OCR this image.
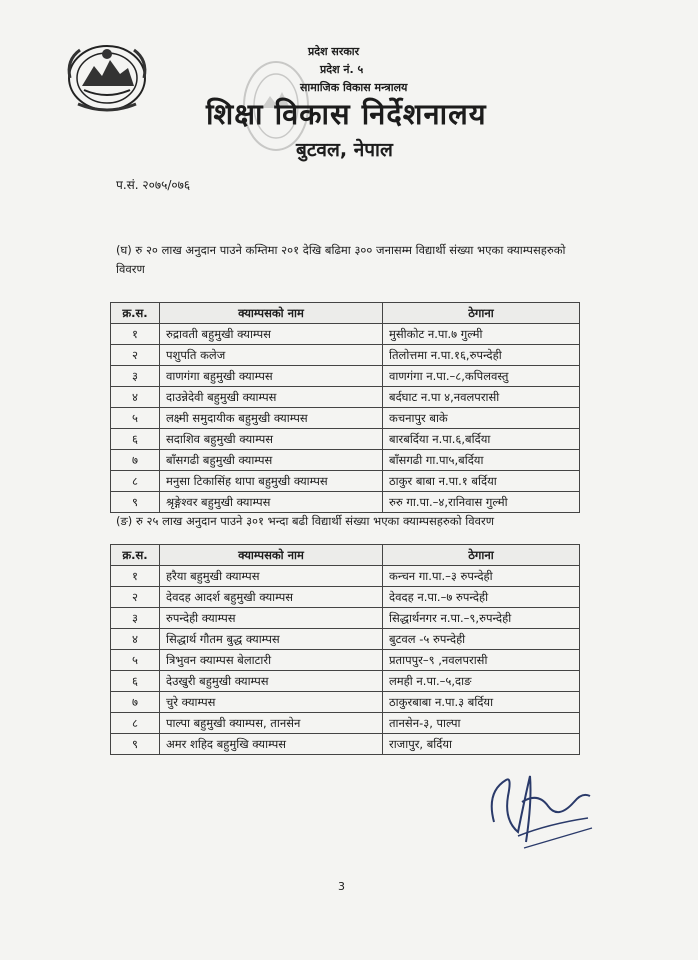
प्रदेश सरकार
प्रदेश नं. ५
सामाजिक विकास मन्त्रालय
शिक्षा विकास निर्देशनालय
बुटवल, नेपाल
प.सं. २०७५/०७६
(घ) रु २० लाख अनुदान पाउने कम्तिमा २०१ देखि बढिमा ३०० जनासम्म विद्यार्थी संख्या भएका क्याम्पसहरुको विवरण
क्र.स.	क्याम्पसको नाम	ठेगाना
१	रुद्रावती बहुमुखी क्याम्पस	मुसीकोट न.पा.७ गुल्मी
२	पशुपति कलेज	तिलोत्तमा न.पा.१६,रुपन्देही
३	वाणगंगा बहुमुखी क्याम्पस	वाणगंगा न.पा.–८,कपिलवस्तु
४	दाउन्नेदेवी बहुमुखी क्याम्पस	बर्दघाट न.पा ४,नवलपरासी
५	लक्ष्मी समुदायीक बहुमुखी क्याम्पस	कचनापुर बाके
६	सदाशिव बहुमुखी क्याम्पस	बारबर्दिया न.पा.६,बर्दिया
७	बाँसगढी बहुमुखी क्याम्पस	बाँसगढी गा.पा५,बर्दिया
८	मनुसा टिकासिंह थापा बहुमुखी क्याम्पस	ठाकुर बाबा न.पा.१ बर्दिया
९	श्रृङ्गेश्वर बहुमुखी क्याम्पस	रुरु गा.पा.–४,रानिवास गुल्मी
(ङ) रु २५ लाख अनुदान पाउने ३०१ भन्दा बढी विद्यार्थी संख्या भएका क्याम्पसहरुको विवरण
क्र.स.	क्याम्पसको नाम	ठेगाना
१	हरैया बहुमुखी क्याम्पस	कन्चन गा.पा.–३ रुपन्देही
२	देवदह आदर्श बहुमुखी क्याम्पस	देवदह न.पा.–७ रुपन्देही
३	रुपन्देही क्याम्पस	सिद्धार्थनगर न.पा.–९,रुपन्देही
४	सिद्धार्थ गौतम बुद्ध क्याम्पस	बुटवल -५ रुपन्देही
५	त्रिभुवन क्याम्पस बेलाटारी	प्रतापपुर–९ ,नवलपरासी
६	देउखुरी बहुमुखी क्याम्पस	लमही न.पा.–५,दाङ
७	चुरे क्याम्पस	ठाकुरबाबा न.पा.३ बर्दिया
८	पाल्पा बहुमुखी क्याम्पस, तानसेन	तानसेन-३, पाल्पा
९	अमर शहिद बहुमुखि क्याम्पस	राजापुर, बर्दिया
3
